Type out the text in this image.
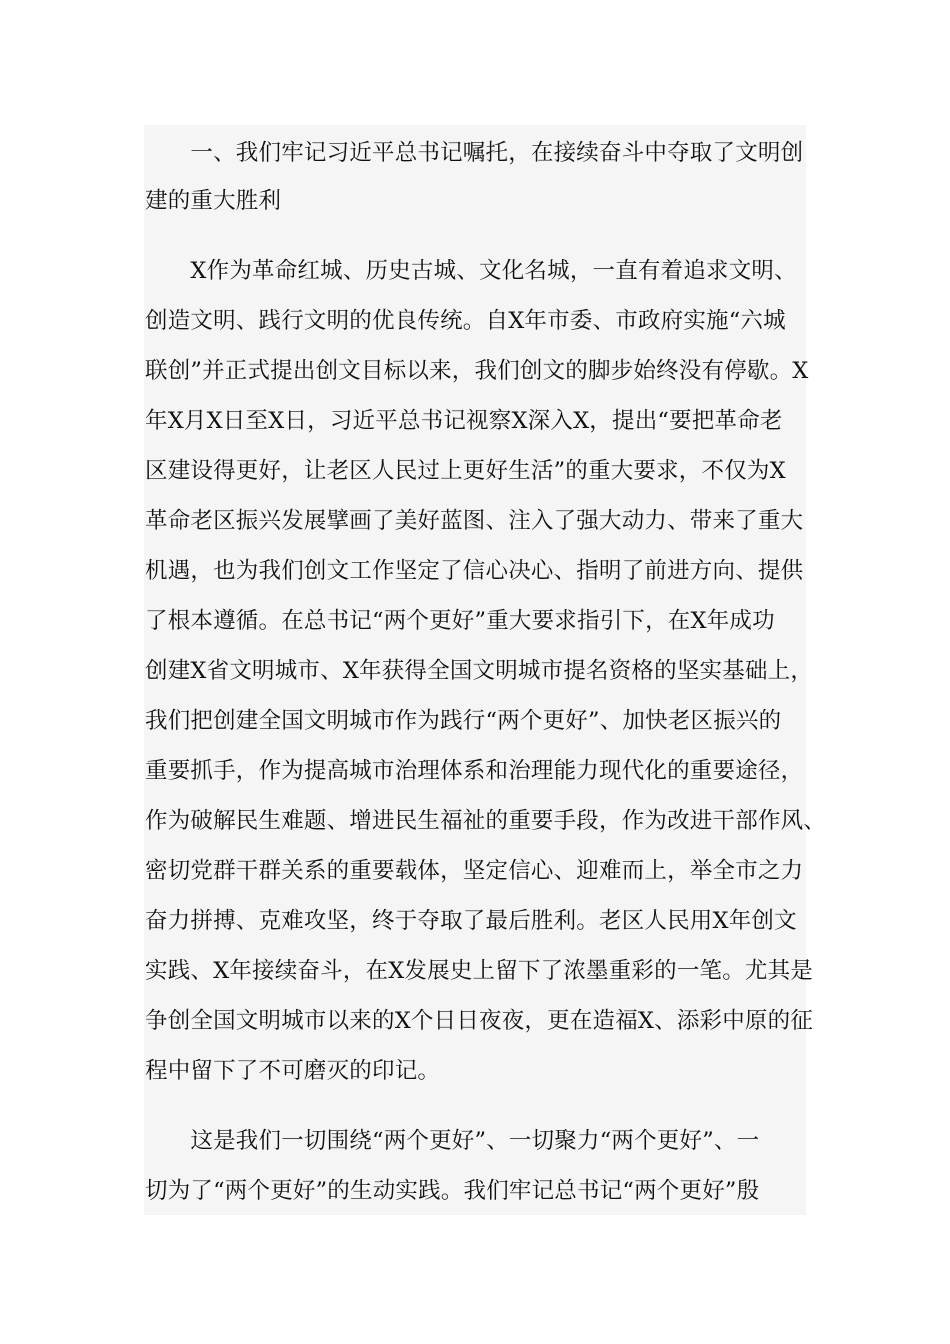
　　一、我们牢记习近平总书记嘱托，在接续奋斗中夺取了文明创
建的重大胜利
　　X作为革命红城、历史古城、文化名城，一直有着追求文明、
创造文明、践行文明的优良传统。自X年市委、市政府实施“六城
联创”并正式提出创文目标以来，我们创文的脚步始终没有停歇。X
年X月X日至X日，习近平总书记视察X深入X，提出“要把革命老
区建设得更好，让老区人民过上更好生活”的重大要求，不仅为X
革命老区振兴发展擘画了美好蓝图、注入了强大动力、带来了重大
机遇，也为我们创文工作坚定了信心决心、指明了前进方向、提供
了根本遵循。在总书记“两个更好”重大要求指引下，在X年成功
创建X省文明城市、X年获得全国文明城市提名资格的坚实基础上，
我们把创建全国文明城市作为践行“两个更好”、加快老区振兴的
重要抓手，作为提高城市治理体系和治理能力现代化的重要途径，
作为破解民生难题、增进民生福祉的重要手段，作为改进干部作风、
密切党群干群关系的重要载体，坚定信心、迎难而上，举全市之力
奋力拼搏、克难攻坚，终于夺取了最后胜利。老区人民用X年创文
实践、X年接续奋斗，在X发展史上留下了浓墨重彩的一笔。尤其是
争创全国文明城市以来的X个日日夜夜，更在造福X、添彩中原的征
程中留下了不可磨灭的印记。
　　这是我们一切围绕“两个更好”、一切聚力“两个更好”、一
切为了“两个更好”的生动实践。我们牢记总书记“两个更好”殷
